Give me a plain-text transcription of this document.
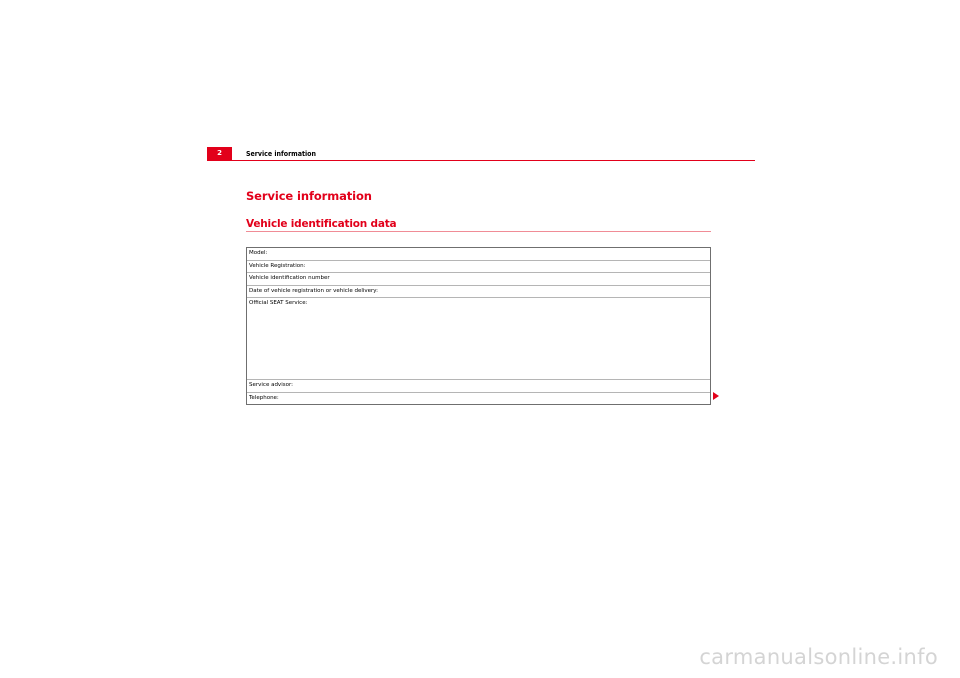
2	Service information
Service information
Vehicle identification data
Model:
Vehicle Registration:
Vehicle identification number
Date of vehicle registration or vehicle delivery:
Official SEAT Service:
Service advisor:
Telephone:
carmanualsonline.info
